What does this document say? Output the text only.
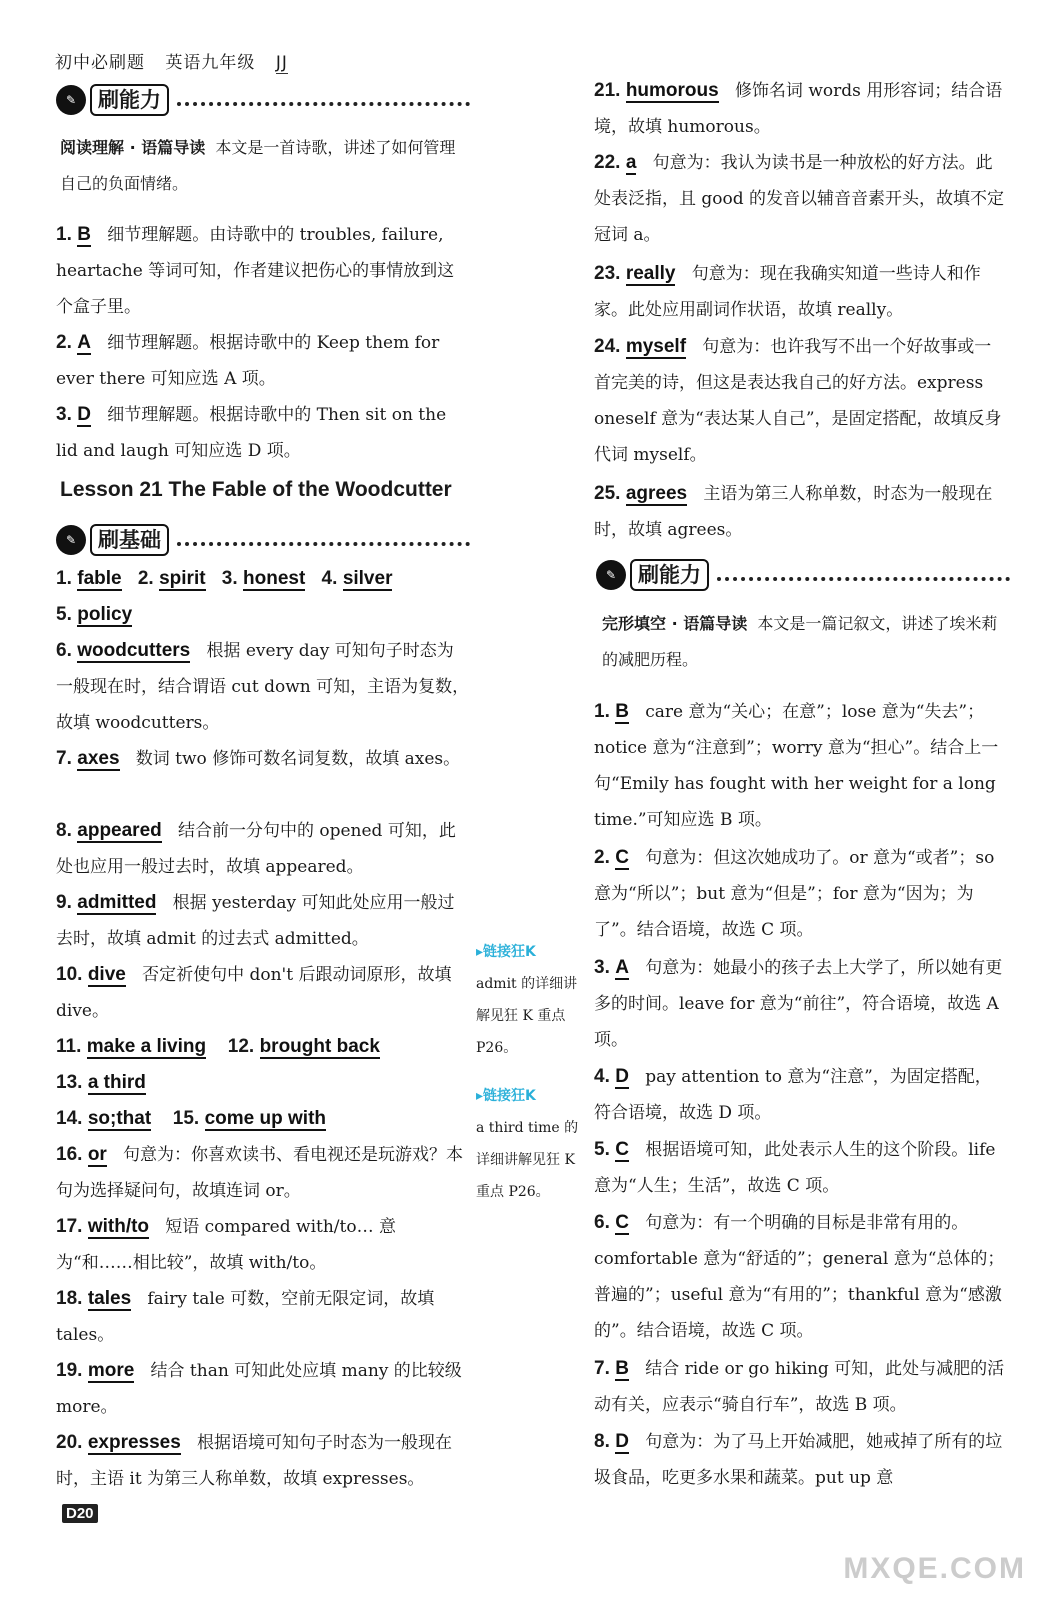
初中必刷题 英语九年级 JJ
✎	刷能力
阅读理解 · 语篇导读 本文是一首诗歌，讲述了如何管理自己的负面情绪。
1. B 细节理解题。由诗歌中的 troubles, failure, heartache 等词可知，作者建议把伤心的事情放到这个盒子里。
2. A 细节理解题。根据诗歌中的 Keep them for ever there 可知应选 A 项。
3. D 细节理解题。根据诗歌中的 Then sit on the lid and laugh 可知应选 D 项。
Lesson 21 The Fable of the Woodcutter
✎	刷基础
1. fable 2. spirit 3. honest 4. silver
5. policy
6. woodcutters 根据 every day 可知句子时态为一般现在时，结合谓语 cut down 可知，主语为复数，故填 woodcutters。
7. axes 数词 two 修饰可数名词复数，故填 axes。
8. appeared 结合前一分句中的 opened 可知，此处也应用一般过去时，故填 appeared。
9. admitted 根据 yesterday 可知此处应用一般过去时，故填 admit 的过去式 admitted。
10. dive 否定祈使句中 don't 后跟动词原形，故填 dive。
11. make a living 12. brought back
13. a third
14. so;that 15. come up with
16. or 句意为：你喜欢读书、看电视还是玩游戏？本句为选择疑问句，故填连词 or。
17. with/to 短语 compared with/to… 意为“和……相比较”，故填 with/to。
18. tales fairy tale 可数，空前无限定词，故填 tales。
19. more 结合 than 可知此处应填 many 的比较级 more。
20. expresses 根据语境可知句子时态为一般现在时，主语 it 为第三人称单数，故填 expresses。
▸链接狂K
admit 的详细讲解见狂 K 重点 P26。
▸链接狂K
a third time 的详细讲解见狂 K 重点 P26。
21. humorous 修饰名词 words 用形容词；结合语境，故填 humorous。
22. a 句意为：我认为读书是一种放松的好方法。此处表泛指，且 good 的发音以辅音音素开头，故填不定冠词 a。
23. really 句意为：现在我确实知道一些诗人和作家。此处应用副词作状语，故填 really。
24. myself 句意为：也许我写不出一个好故事或一首完美的诗，但这是表达我自己的好方法。express oneself 意为“表达某人自己”，是固定搭配，故填反身代词 myself。
25. agrees 主语为第三人称单数，时态为一般现在时，故填 agrees。
✎	刷能力
完形填空 · 语篇导读 本文是一篇记叙文，讲述了埃米莉的减肥历程。
1. B care 意为“关心；在意”；lose 意为“失去”；notice 意为“注意到”；worry 意为“担心”。结合上一句“Emily has fought with her weight for a long time.”可知应选 B 项。
2. C 句意为：但这次她成功了。or 意为“或者”；so 意为“所以”；but 意为“但是”；for 意为“因为；为了”。结合语境，故选 C 项。
3. A 句意为：她最小的孩子去上大学了，所以她有更多的时间。leave for 意为“前往”，符合语境，故选 A 项。
4. D pay attention to 意为“注意”，为固定搭配，符合语境，故选 D 项。
5. C 根据语境可知，此处表示人生的这个阶段。life 意为“人生；生活”，故选 C 项。
6. C 句意为：有一个明确的目标是非常有用的。comfortable 意为“舒适的”；general 意为“总体的；普遍的”；useful 意为“有用的”；thankful 意为“感激的”。结合语境，故选 C 项。
7. B 结合 ride or go hiking 可知，此处与减肥的活动有关，应表示“骑自行车”，故选 B 项。
8. D 句意为：为了马上开始减肥，她戒掉了所有的垃圾食品，吃更多水果和蔬菜。put up 意
D20
MXQE.COM
